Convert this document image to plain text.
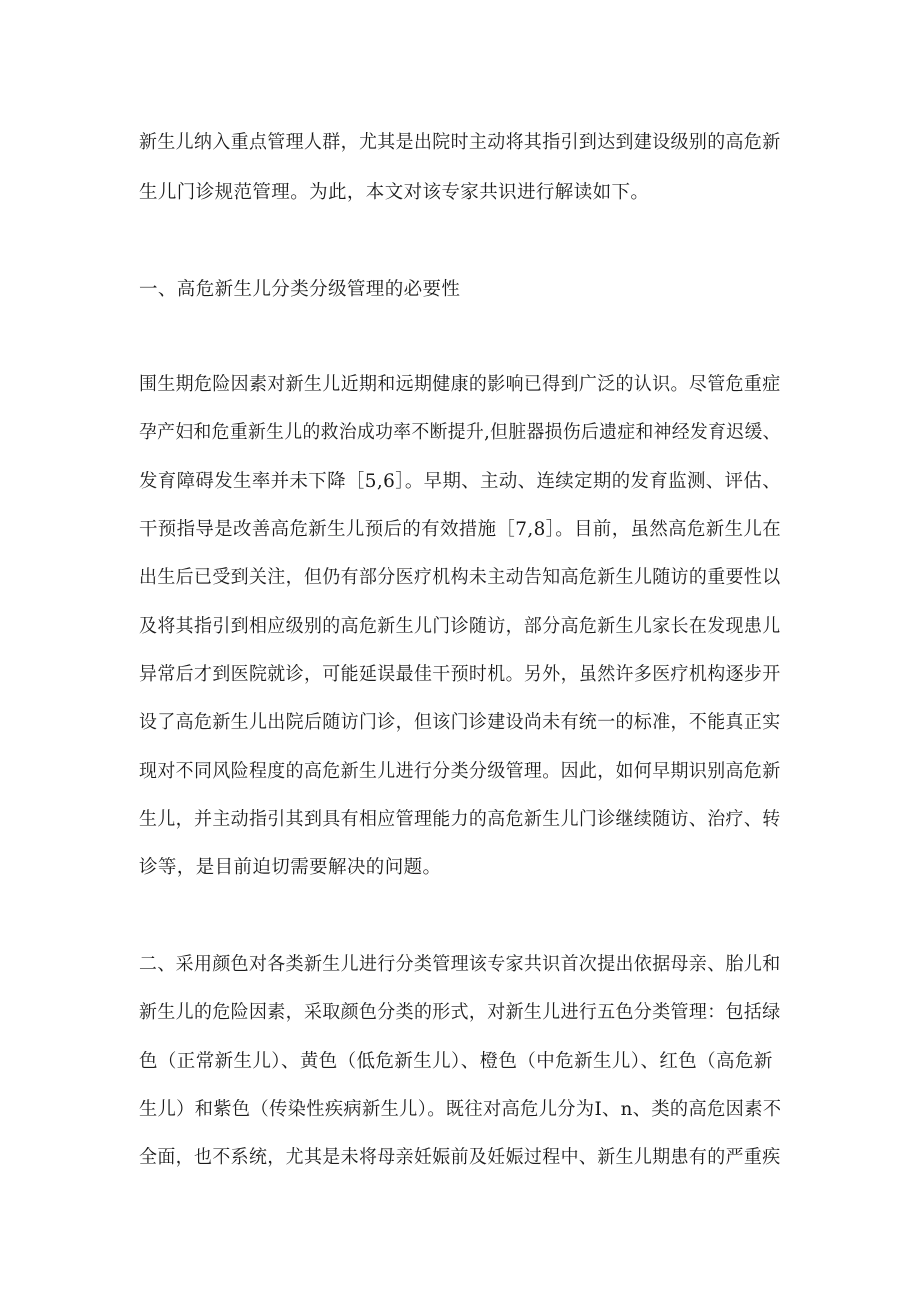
新生儿纳入重点管理人群，尤其是出院时主动将其指引到达到建设级别的高危新
生儿门诊规范管理。为此，本文对该专家共识进行解读如下。
一、高危新生儿分类分级管理的必要性
围生期危险因素对新生儿近期和远期健康的影响已得到广泛的认识。尽管危重症
孕产妇和危重新生儿的救治成功率不断提升,但脏器损伤后遗症和神经发育迟缓、
发育障碍发生率并未下降［5,6］。早期、主动、连续定期的发育监测、评估、
干预指导是改善高危新生儿预后的有效措施［7,8］。目前，虽然高危新生儿在
出生后已受到关注，但仍有部分医疗机构未主动告知高危新生儿随访的重要性以
及将其指引到相应级别的高危新生儿门诊随访，部分高危新生儿家长在发现患儿
异常后才到医院就诊，可能延误最佳干预时机。另外，虽然许多医疗机构逐步开
设了高危新生儿出院后随访门诊，但该门诊建设尚未有统一的标准，不能真正实
现对不同风险程度的高危新生儿进行分类分级管理。因此，如何早期识别高危新
生儿，并主动指引其到具有相应管理能力的高危新生儿门诊继续随访、治疗、转
诊等，是目前迫切需要解决的问题。
二、采用颜色对各类新生儿进行分类管理该专家共识首次提出依据母亲、胎儿和
新生儿的危险因素，采取颜色分类的形式，对新生儿进行五色分类管理：包括绿
色（正常新生儿）、黄色（低危新生儿）、橙色（中危新生儿）、红色（高危新
生儿）和紫色（传染性疾病新生儿）。既往对高危儿分为Ⅰ、n、类的高危因素不
全面，也不系统，尤其是未将母亲妊娠前及妊娠过程中、新生儿期患有的严重疾
